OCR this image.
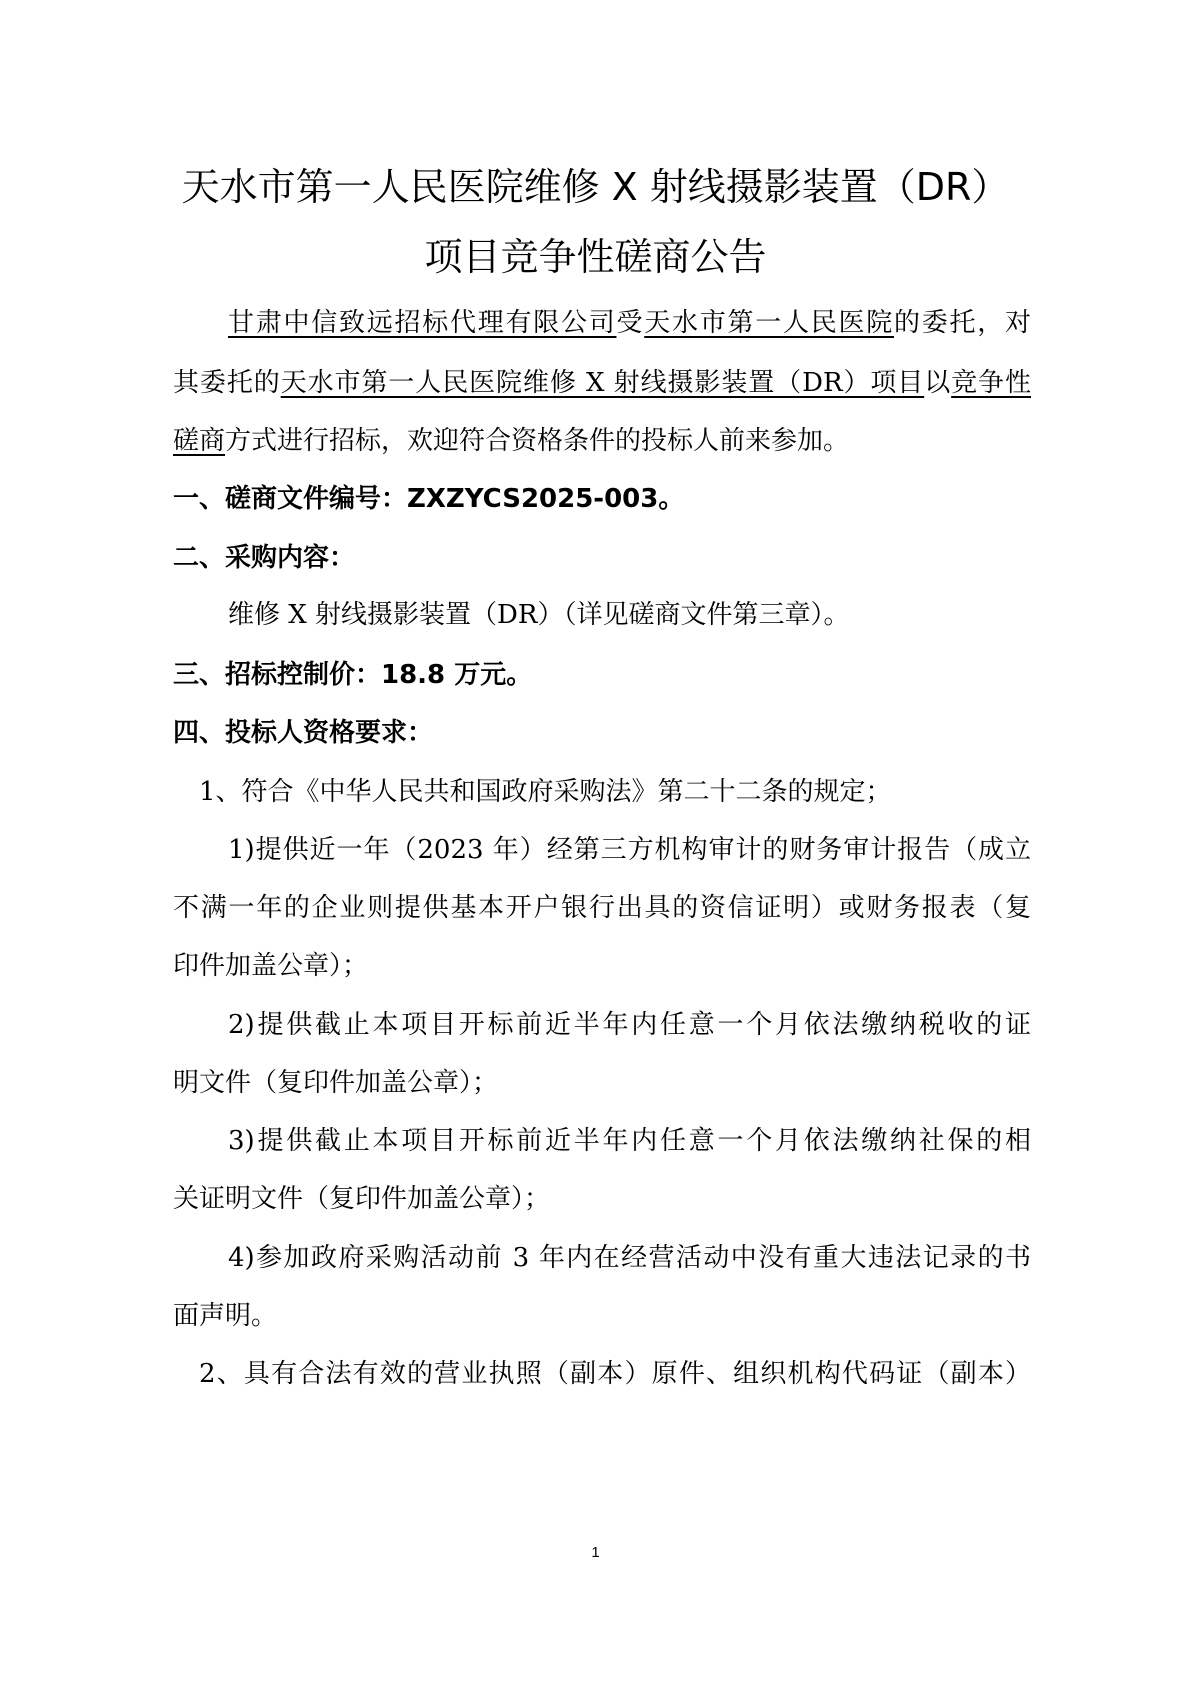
天水市第一人民医院维修 X 射线摄影装置（DR）
项目竞争性磋商公告
甘肃中信致远招标代理有限公司受天水市第一人民医院的委托，对
其委托的天水市第一人民医院维修 X 射线摄影装置（DR）项目以竞争性
磋商方式进行招标，欢迎符合资格条件的投标人前来参加。
一、磋商文件编号：ZXZYCS2025-003。
二、采购内容：
维修 X 射线摄影装置（DR）（详见磋商文件第三章）。
三、招标控制价：18.8 万元。
四、投标人资格要求：
1、符合《中华人民共和国政府采购法》第二十二条的规定；
1)提供近一年（2023 年）经第三方机构审计的财务审计报告（成立
不满一年的企业则提供基本开户银行出具的资信证明）或财务报表（复
印件加盖公章）；
2)提供截止本项目开标前近半年内任意一个月依法缴纳税收的证
明文件（复印件加盖公章）；
3)提供截止本项目开标前近半年内任意一个月依法缴纳社保的相
关证明文件（复印件加盖公章）；
4)参加政府采购活动前 3 年内在经营活动中没有重大违法记录的书
面声明。
2、具有合法有效的营业执照（副本）原件、组织机构代码证（副本）
1
